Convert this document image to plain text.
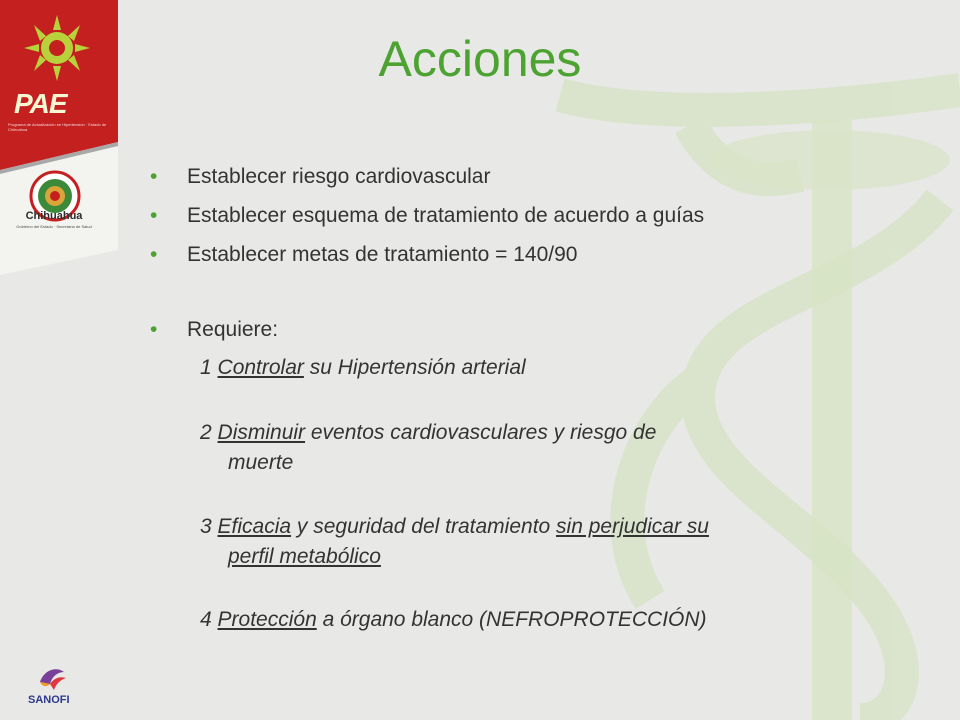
PAE
Programa de Actualización en Hipertensión · Estado de Chihuahua
Chihuahua
Gobierno del Estado · Secretaría de Salud
Acciones
• Establecer riesgo cardiovascular
• Establecer esquema de tratamiento de acuerdo a guías
• Establecer metas de tratamiento = 140/90
• Requiere:
1 Controlar su Hipertensión arterial
2 Disminuir eventos cardiovasculares y riesgo de
muerte
3 Eficacia y seguridad del tratamiento sin perjudicar su
perfil metabólico
4 Protección a órgano blanco (NEFROPROTECCIÓN)
SANOFI
